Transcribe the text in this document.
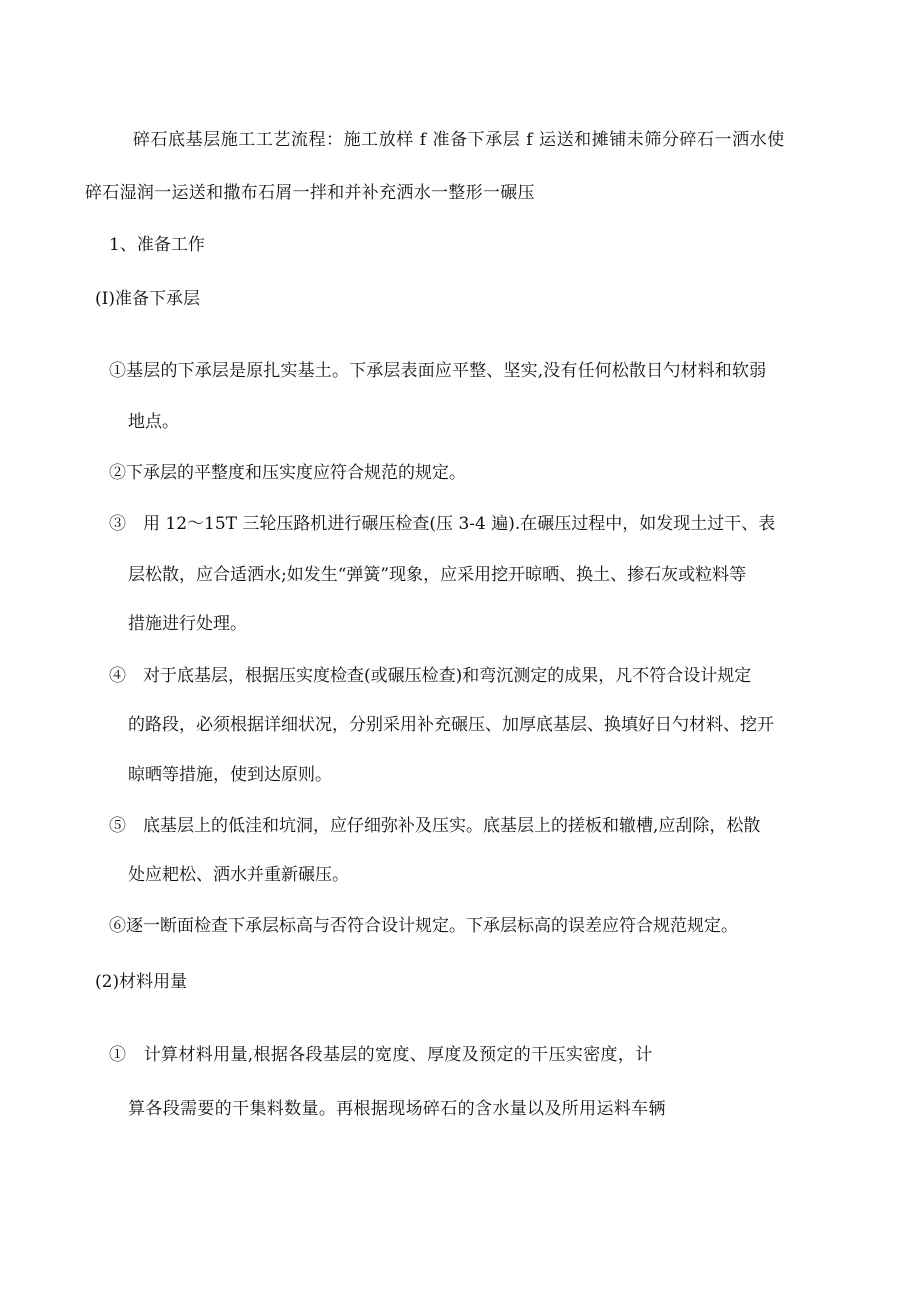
碎石底基层施工工艺流程：施工放样 f 准备下承层 f 运送和摊铺未筛分碎石一洒水使
碎石湿润一运送和撒布石屑一拌和并补充洒水一整形一碾压
1、准备工作
(I)准备下承层
①基层的下承层是原扎实基土。下承层表面应平整、坚实,没有任何松散日勺材料和软弱
地点。
②下承层的平整度和压实度应符合规范的规定。
③　用 12～15T 三轮压路机进行碾压检查(压 3-4 遍).在碾压过程中，如发现土过干、表
层松散，应合适洒水;如发生“弹簧”现象，应采用挖开晾晒、换土、掺石灰或粒料等
措施进行处理。
④　对于底基层，根据压实度检查(或碾压检查)和弯沉测定的成果，凡不符合设计规定
的路段，必须根据详细状况，分别采用补充碾压、加厚底基层、换填好日勺材料、挖开
晾晒等措施，使到达原则。
⑤　底基层上的低洼和坑洞，应仔细弥补及压实。底基层上的搓板和辙槽,应刮除，松散
处应耙松、洒水并重新碾压。
⑥逐一断面检查下承层标高与否符合设计规定。下承层标高的误差应符合规范规定。
(2)材料用量
①　计算材料用量,根据各段基层的宽度、厚度及预定的干压实密度，计
算各段需要的干集料数量。再根据现场碎石的含水量以及所用运料车辆
